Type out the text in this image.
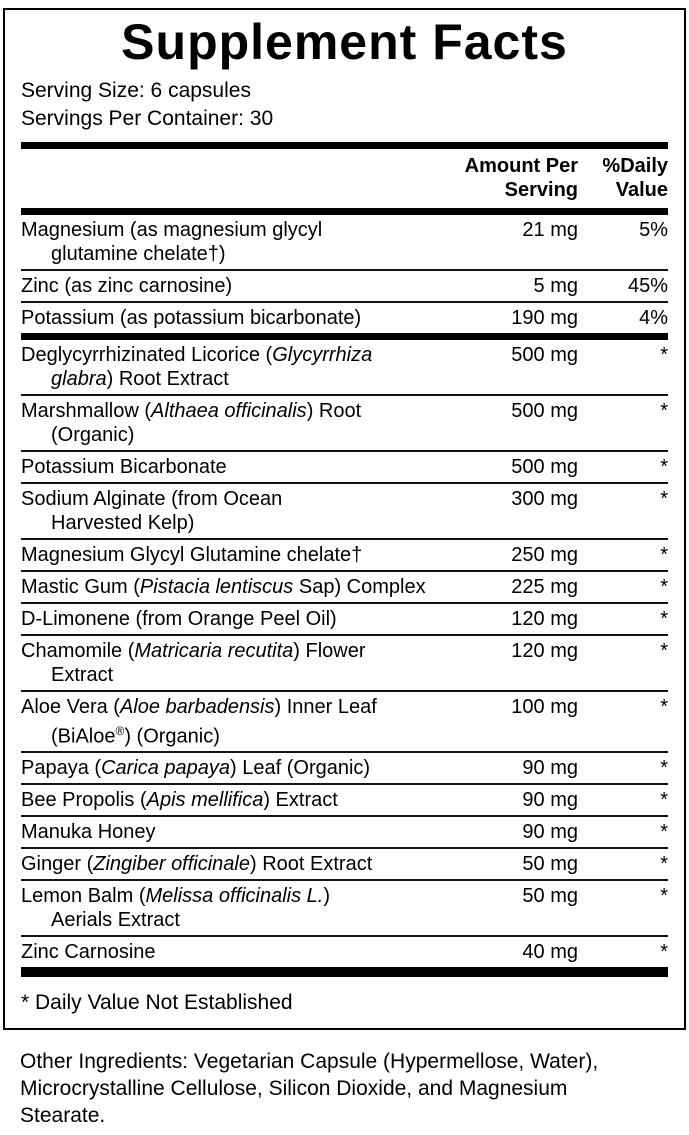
Supplement Facts
Serving Size: 6 capsules
Servings Per Container: 30
Amount Per Serving
%Daily Value
Magnesium (as magnesium glycyl
glutamine chelate†)
21 mg	5%
Zinc (as zinc carnosine)	5 mg	45%
Potassium (as potassium bicarbonate)	190 mg	4%
Deglycyrrhizinated Licorice (Glycyrrhiza
glabra) Root Extract
500 mg	*
Marshmallow (Althaea officinalis) Root
(Organic)
500 mg	*
Potassium Bicarbonate	500 mg	*
Sodium Alginate (from Ocean
Harvested Kelp)
300 mg	*
Magnesium Glycyl Glutamine chelate†	250 mg	*
Mastic Gum (Pistacia lentiscus Sap) Complex	225 mg	*
D-Limonene (from Orange Peel Oil)	120 mg	*
Chamomile (Matricaria recutita) Flower
Extract
120 mg	*
Aloe Vera (Aloe barbadensis) Inner Leaf
(BiAloe®) (Organic)
100 mg	*
Papaya (Carica papaya) Leaf (Organic)	90 mg	*
Bee Propolis (Apis mellifica) Extract	90 mg	*
Manuka Honey	90 mg	*
Ginger (Zingiber officinale) Root Extract	50 mg	*
Lemon Balm (Melissa officinalis L.)
Aerials Extract
50 mg	*
Zinc Carnosine	40 mg	*
* Daily Value Not Established

Other Ingredients: Vegetarian Capsule (Hypermellose, Water), Microcrystalline Cellulose, Silicon Dioxide, and Magnesium Stearate.
